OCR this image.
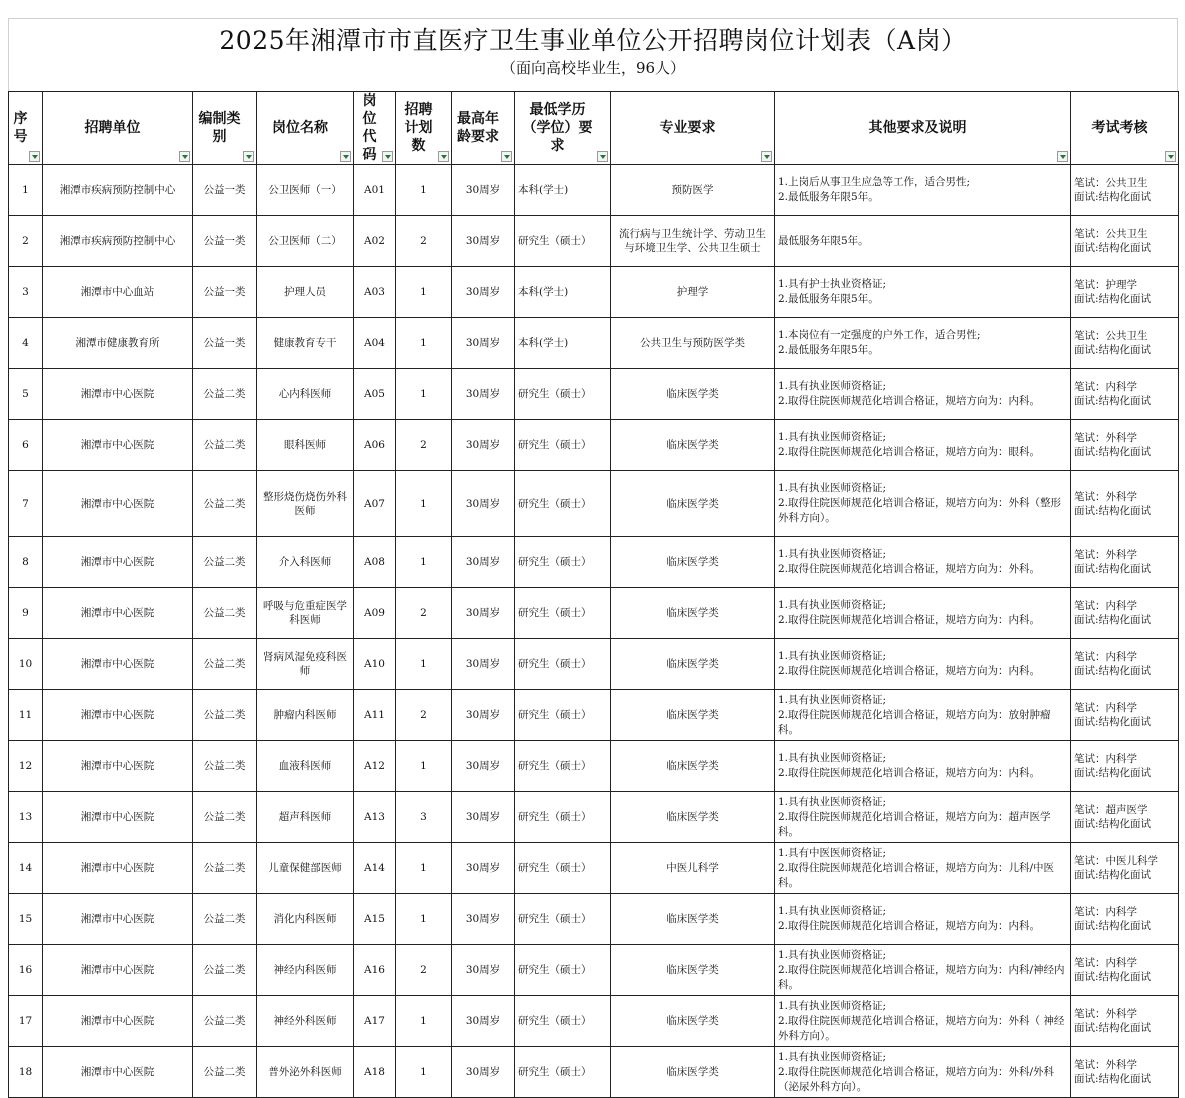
2025年湘潭市市直医疗卫生事业单位公开招聘岗位计划表（A岗）
（面向高校毕业生，96人）
序号	招聘单位	编制类别	岗位名称	岗位代码	招聘计划数	最高年龄要求	最低学历（学位）要求	专业要求	其他要求及说明	考试考核

1	湘潭市疾病预防控制中心	公益一类	公卫医师（一）	A01	1	30周岁	本科(学士)	预防医学	1.上岗后从事卫生应急等工作，适合男性;
2.最低服务年限5年。	笔试：公共卫生
面试:结构化面试
2	湘潭市疾病预防控制中心	公益一类	公卫医师（二）	A02	2	30周岁	研究生（硕士）	流行病与卫生统计学、劳动卫生与环境卫生学、公共卫生硕士	最低服务年限5年。	笔试：公共卫生
面试:结构化面试
3	湘潭市中心血站	公益一类	护理人员	A03	1	30周岁	本科(学士)	护理学	1.具有护士执业资格证;
2.最低服务年限5年。	笔试：护理学
面试:结构化面试
4	湘潭市健康教育所	公益一类	健康教育专干	A04	1	30周岁	本科(学士)	公共卫生与预防医学类	1.本岗位有一定强度的户外工作，适合男性;
2.最低服务年限5年。	笔试：公共卫生
面试:结构化面试
5	湘潭市中心医院	公益二类	心内科医师	A05	1	30周岁	研究生（硕士）	临床医学类	1.具有执业医师资格证;
2.取得住院医师规范化培训合格证，规培方向为：内科。	笔试：内科学
面试:结构化面试
6	湘潭市中心医院	公益二类	眼科医师	A06	2	30周岁	研究生（硕士）	临床医学类	1.具有执业医师资格证;
2.取得住院医师规范化培训合格证，规培方向为：眼科。	笔试：外科学
面试:结构化面试
7	湘潭市中心医院	公益二类	整形烧伤烧伤外科医师	A07	1	30周岁	研究生（硕士）	临床医学类	1.具有执业医师资格证;
2.取得住院医师规范化培训合格证，规培方向为：外科（整形外科方向）。	笔试：外科学
面试:结构化面试
8	湘潭市中心医院	公益二类	介入科医师	A08	1	30周岁	研究生（硕士）	临床医学类	1.具有执业医师资格证;
2.取得住院医师规范化培训合格证，规培方向为：外科。	笔试：外科学
面试:结构化面试
9	湘潭市中心医院	公益二类	呼吸与危重症医学科医师	A09	2	30周岁	研究生（硕士）	临床医学类	1.具有执业医师资格证;
2.取得住院医师规范化培训合格证，规培方向为：内科。	笔试：内科学
面试:结构化面试
10	湘潭市中心医院	公益二类	肾病风湿免疫科医师	A10	1	30周岁	研究生（硕士）	临床医学类	1.具有执业医师资格证;
2.取得住院医师规范化培训合格证，规培方向为：内科。	笔试：内科学
面试:结构化面试
11	湘潭市中心医院	公益二类	肿瘤内科医师	A11	2	30周岁	研究生（硕士）	临床医学类	1.具有执业医师资格证;
2.取得住院医师规范化培训合格证，规培方向为：放射肿瘤科。	笔试：内科学
面试:结构化面试
12	湘潭市中心医院	公益二类	血液科医师	A12	1	30周岁	研究生（硕士）	临床医学类	1.具有执业医师资格证;
2.取得住院医师规范化培训合格证，规培方向为：内科。	笔试：内科学
面试:结构化面试
13	湘潭市中心医院	公益二类	超声科医师	A13	3	30周岁	研究生（硕士）	临床医学类	1.具有执业医师资格证;
2.取得住院医师规范化培训合格证，规培方向为：超声医学科。	笔试：超声医学
面试:结构化面试
14	湘潭市中心医院	公益二类	儿童保健部医师	A14	1	30周岁	研究生（硕士）	中医儿科学	1.具有中医医师资格证;
2.取得住院医师规范化培训合格证，规培方向为：儿科/中医科。	笔试：中医儿科学
面试:结构化面试
15	湘潭市中心医院	公益二类	消化内科医师	A15	1	30周岁	研究生（硕士）	临床医学类	1.具有执业医师资格证;
2.取得住院医师规范化培训合格证，规培方向为：内科。	笔试：内科学
面试:结构化面试
16	湘潭市中心医院	公益二类	神经内科医师	A16	2	30周岁	研究生（硕士）	临床医学类	1.具有执业医师资格证;
2.取得住院医师规范化培训合格证，规培方向为：内科/神经内科。	笔试：内科学
面试:结构化面试
17	湘潭市中心医院	公益二类	神经外科医师	A17	1	30周岁	研究生（硕士）	临床医学类	1.具有执业医师资格证;
2.取得住院医师规范化培训合格证，规培方向为：外科（ 神经外科方向）。	笔试：外科学
面试:结构化面试
18	湘潭市中心医院	公益二类	普外泌外科医师	A18	1	30周岁	研究生（硕士）	临床医学类	1.具有执业医师资格证;
2.取得住院医师规范化培训合格证，规培方向为：外科/外科（泌尿外科方向）。	笔试：外科学
面试:结构化面试
